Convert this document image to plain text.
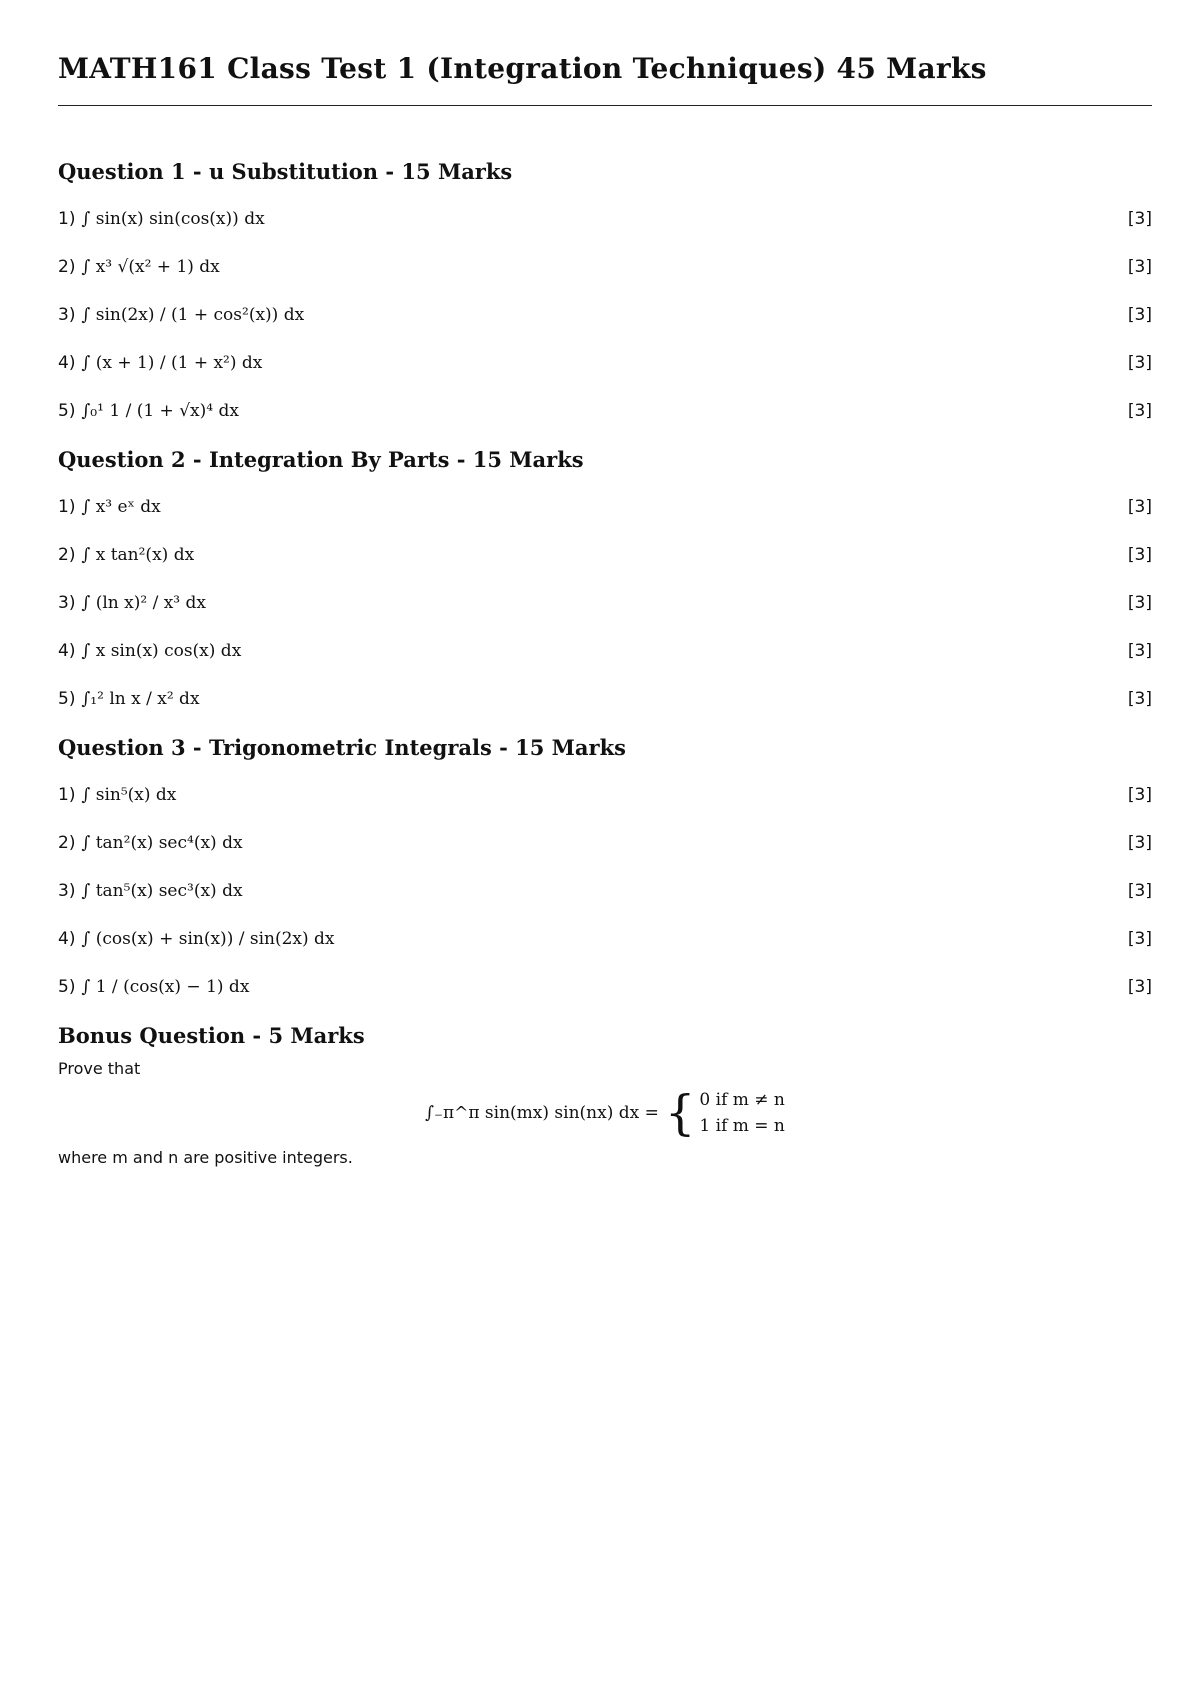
MATH161 Class Test 1 (Integration Techniques) 45 Marks
Question 1 - u Substitution - 15 Marks
1) ∫ sin(x) sin(cos(x)) dx	[3]
2) ∫ x³ √(x² + 1) dx	[3]
3) ∫ sin(2x) / (1 + cos²(x)) dx	[3]
4) ∫ (x + 1) / (1 + x²) dx	[3]
5) ∫₀¹ 1 / (1 + √x)⁴ dx	[3]
Question 2 - Integration By Parts - 15 Marks
1) ∫ x³ eˣ dx	[3]
2) ∫ x tan²(x) dx	[3]
3) ∫ (ln x)² / x³ dx	[3]
4) ∫ x sin(x) cos(x) dx	[3]
5) ∫₁² ln x / x² dx	[3]
Question 3 - Trigonometric Integrals - 15 Marks
1) ∫ sin⁵(x) dx	[3]
2) ∫ tan²(x) sec⁴(x) dx	[3]
3) ∫ tan⁵(x) sec³(x) dx	[3]
4) ∫ (cos(x) + sin(x)) / sin(2x) dx	[3]
5) ∫ 1 / (cos(x) − 1) dx	[3]
Bonus Question - 5 Marks
Prove that
∫₋π^π sin(mx) sin(nx) dx = { 0 if m ≠ n
1 if m = n
where m and n are positive integers.
